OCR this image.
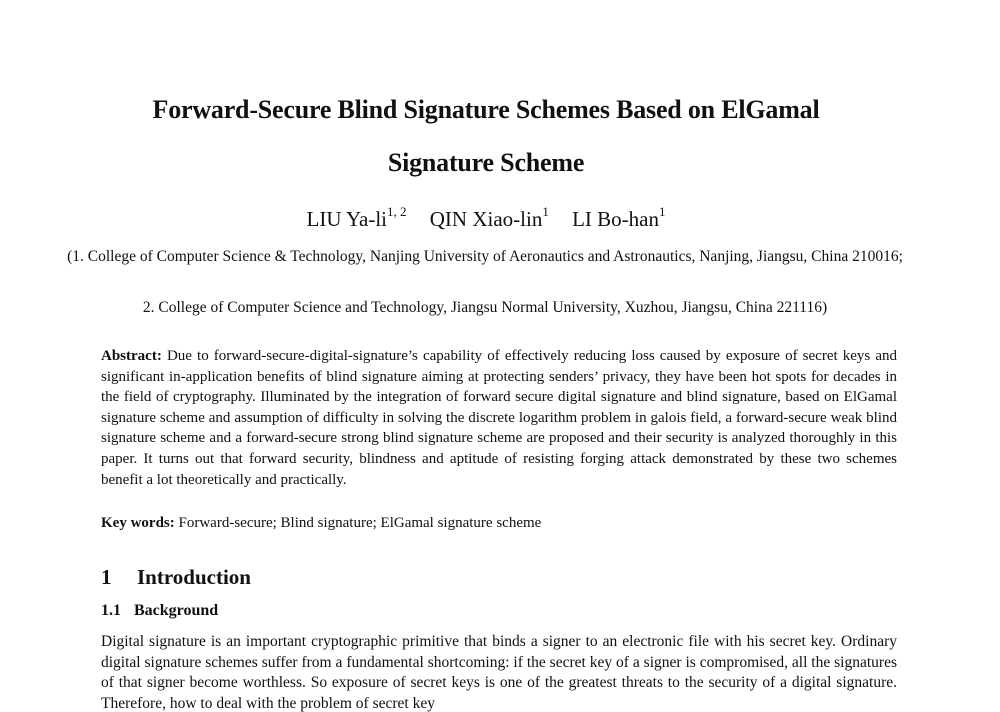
Forward-Secure Blind Signature Schemes Based on ElGamal
Signature Scheme
LIU Ya-li$^{1, 2}$ QIN Xiao-lin$^1$ LI Bo-han$^1$

(1. College of Computer Science & Technology, Nanjing University of Aeronautics and Astronautics, Nanjing, Jiangsu, China 210016;

2. College of Computer Science and Technology, Jiangsu Normal University, Xuzhou, Jiangsu, China 221116)

Abstract: Due to forward-secure-digital-signature’s capability of effectively reducing loss caused by exposure of secret keys and significant in-application benefits of blind signature aiming at protecting senders’ privacy, they have been hot spots for decades in the field of cryptography. Illuminated by the integration of forward secure digital signature and blind signature, based on ElGamal signature scheme and assumption of difficulty in solving the discrete logarithm problem in galois field, a forward-secure weak blind signature scheme and a forward-secure strong blind signature scheme are proposed and their security is analyzed thoroughly in this paper. It turns out that forward security, blindness and aptitude of resisting forging attack demonstrated by these two schemes benefit a lot theoretically and practically.

Key words: Forward-secure; Blind signature; ElGamal signature scheme

1 Introduction
1.1 Background

Digital signature is an important cryptographic primitive that binds a signer to an electronic file with his secret key. Ordinary digital signature schemes suffer from a fundamental shortcoming: if the secret key of a signer is compromised, all the signatures of that signer become worthless. So exposure of secret keys is one of the greatest threats to the security of a digital signature. Therefore, how to deal with the problem of secret key
